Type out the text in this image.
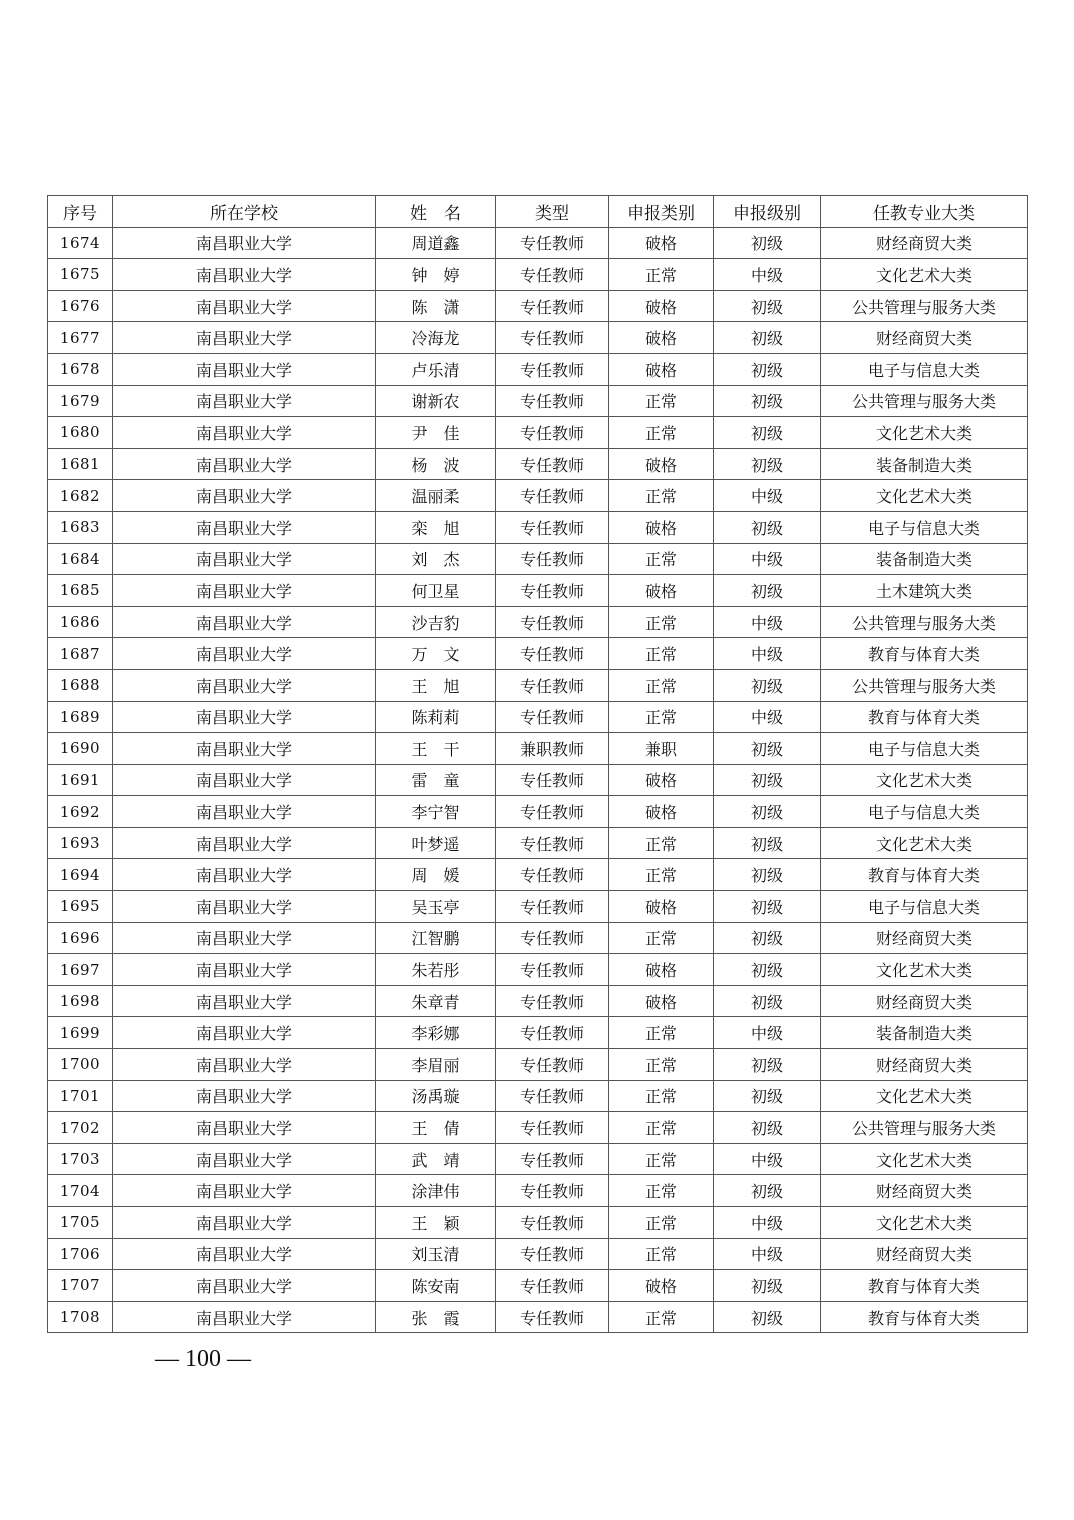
序号	所在学校	姓　名	类型	申报类别	申报级别	任教专业大类
1674	南昌职业大学	周道鑫	专任教师	破格	初级	财经商贸大类
1675	南昌职业大学	钟　婷	专任教师	正常	中级	文化艺术大类
1676	南昌职业大学	陈　潇	专任教师	破格	初级	公共管理与服务大类
1677	南昌职业大学	冷海龙	专任教师	破格	初级	财经商贸大类
1678	南昌职业大学	卢乐清	专任教师	破格	初级	电子与信息大类
1679	南昌职业大学	谢新农	专任教师	正常	初级	公共管理与服务大类
1680	南昌职业大学	尹　佳	专任教师	正常	初级	文化艺术大类
1681	南昌职业大学	杨　波	专任教师	破格	初级	装备制造大类
1682	南昌职业大学	温丽柔	专任教师	正常	中级	文化艺术大类
1683	南昌职业大学	栾　旭	专任教师	破格	初级	电子与信息大类
1684	南昌职业大学	刘　杰	专任教师	正常	中级	装备制造大类
1685	南昌职业大学	何卫星	专任教师	破格	初级	土木建筑大类
1686	南昌职业大学	沙吉豹	专任教师	正常	中级	公共管理与服务大类
1687	南昌职业大学	万　文	专任教师	正常	中级	教育与体育大类
1688	南昌职业大学	王　旭	专任教师	正常	初级	公共管理与服务大类
1689	南昌职业大学	陈莉莉	专任教师	正常	中级	教育与体育大类
1690	南昌职业大学	王　干	兼职教师	兼职	初级	电子与信息大类
1691	南昌职业大学	雷　童	专任教师	破格	初级	文化艺术大类
1692	南昌职业大学	李宁智	专任教师	破格	初级	电子与信息大类
1693	南昌职业大学	叶梦遥	专任教师	正常	初级	文化艺术大类
1694	南昌职业大学	周　媛	专任教师	正常	初级	教育与体育大类
1695	南昌职业大学	吴玉亭	专任教师	破格	初级	电子与信息大类
1696	南昌职业大学	江智鹏	专任教师	正常	初级	财经商贸大类
1697	南昌职业大学	朱若彤	专任教师	破格	初级	文化艺术大类
1698	南昌职业大学	朱章青	专任教师	破格	初级	财经商贸大类
1699	南昌职业大学	李彩娜	专任教师	正常	中级	装备制造大类
1700	南昌职业大学	李眉丽	专任教师	正常	初级	财经商贸大类
1701	南昌职业大学	汤禹璇	专任教师	正常	初级	文化艺术大类
1702	南昌职业大学	王　倩	专任教师	正常	初级	公共管理与服务大类
1703	南昌职业大学	武　靖	专任教师	正常	中级	文化艺术大类
1704	南昌职业大学	涂津伟	专任教师	正常	初级	财经商贸大类
1705	南昌职业大学	王　颖	专任教师	正常	中级	文化艺术大类
1706	南昌职业大学	刘玉清	专任教师	正常	中级	财经商贸大类
1707	南昌职业大学	陈安南	专任教师	破格	初级	教育与体育大类
1708	南昌职业大学	张　霞	专任教师	正常	初级	教育与体育大类
— 100 —
